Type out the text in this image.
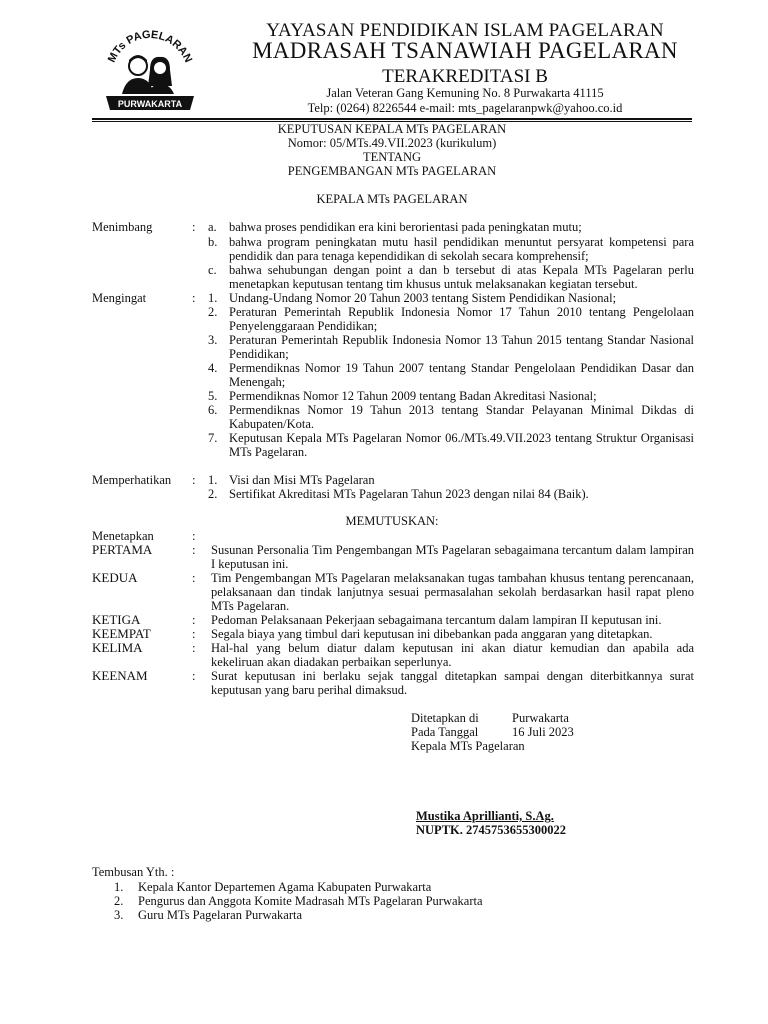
MTs PAGELARAN
PURWAKARTA
YAYASAN PENDIDIKAN ISLAM PAGELARAN
MADRASAH TSANAWIAH PAGELARAN
TERAKREDITASI B
Jalan Veteran Gang Kemuning No. 8 Purwakarta 41115
Telp: (0264) 8226544 e-mail: mts_pagelaranpwk@yahoo.co.id
KEPUTUSAN KEPALA MTs PAGELARAN
Nomor: 05/MTs.49.VII.2023 (kurikulum)
TENTANG
PENGEMBANGAN MTs PAGELARAN
KEPALA MTs PAGELARAN
Menimbang	:	a. bahwa proses pendidikan era kini berorientasi pada peningkatan mutu;
b. bahwa program peningkatan mutu hasil pendidikan menuntut persyarat kompetensi para pendidik dan para tenaga kependidikan di sekolah secara komprehensif;
c. bahwa sehubungan dengan point a dan b tersebut di atas Kepala MTs Pagelaran perlu menetapkan keputusan tentang tim khusus untuk melaksanakan kegiatan tersebut.
Mengingat	:	1. Undang-Undang Nomor 20 Tahun 2003 tentang Sistem Pendidikan Nasional;
2. Peraturan Pemerintah Republik Indonesia Nomor 17 Tahun 2010 tentang Pengelolaan Penyelenggaraan Pendidikan;
3. Peraturan Pemerintah Republik Indonesia Nomor 13 Tahun 2015 tentang Standar Nasional Pendidikan;
4. Permendiknas Nomor 19 Tahun 2007 tentang Standar Pengelolaan Pendidikan Dasar dan Menengah;
5. Permendiknas Nomor 12 Tahun 2009 tentang Badan Akreditasi Nasional;
6. Permendiknas Nomor 19 Tahun 2013 tentang Standar Pelayanan Minimal Dikdas di Kabupaten/Kota.
7. Keputusan Kepala MTs Pagelaran Nomor 06./MTs.49.VII.2023 tentang Struktur Organisasi MTs Pagelaran.
Memperhatikan	:	1. Visi dan Misi MTs Pagelaran
2. Sertifikat Akreditasi MTs Pagelaran Tahun 2023 dengan nilai 84 (Baik).
MEMUTUSKAN:
Menetapkan	:
PERTAMA	:	Susunan Personalia Tim Pengembangan MTs Pagelaran sebagaimana tercantum dalam lampiran I keputusan ini.
KEDUA	:	Tim Pengembangan MTs Pagelaran melaksanakan tugas tambahan khusus tentang perencanaan, pelaksanaan dan tindak lanjutnya sesuai permasalahan sekolah berdasarkan hasil rapat pleno MTs Pagelaran.
KETIGA	:	Pedoman Pelaksanaan Pekerjaan sebagaimana tercantum dalam lampiran II keputusan ini.
KEEMPAT	:	Segala biaya yang timbul dari keputusan ini dibebankan pada anggaran yang ditetapkan.
KELIMA	:	Hal-hal yang belum diatur dalam keputusan ini akan diatur kemudian dan apabila ada kekeliruan akan diadakan perbaikan seperlunya.
KEENAM	:	Surat keputusan ini berlaku sejak tanggal ditetapkan sampai dengan diterbitkannya surat keputusan yang baru perihal dimaksud.
Ditetapkan di	Purwakarta
Pada Tanggal	16 Juli 2023
Kepala MTs Pagelaran
Mustika Aprillianti, S.Ag.
NUPTK. 2745753655300022
Tembusan Yth. :
1. Kepala Kantor Departemen Agama Kabupaten Purwakarta
2. Pengurus dan Anggota Komite Madrasah MTs Pagelaran Purwakarta
3. Guru MTs Pagelaran Purwakarta
